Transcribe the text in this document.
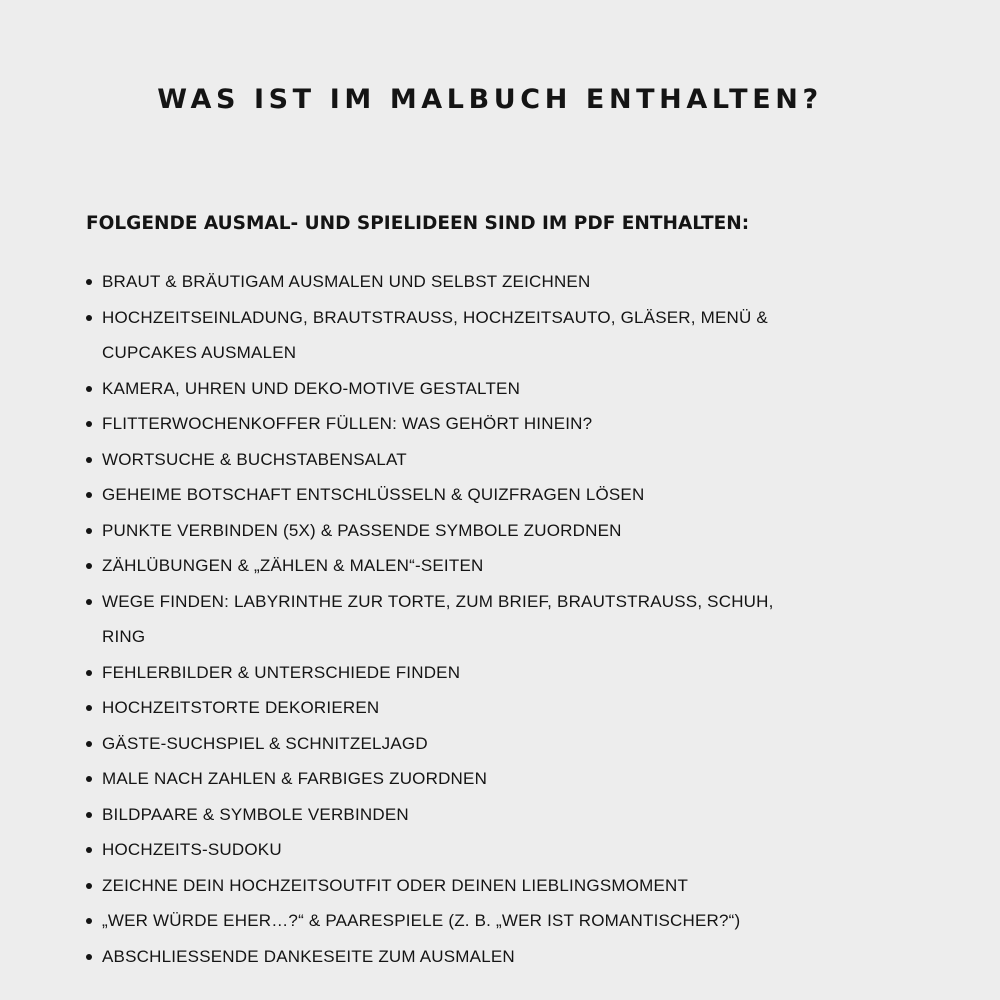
WAS IST IM MALBUCH ENTHALTEN?
FOLGENDE AUSMAL- UND SPIELIDEEN SIND IM PDF ENTHALTEN:
BRAUT & BRÄUTIGAM AUSMALEN UND SELBST ZEICHNEN
HOCHZEITSEINLADUNG, BRAUTSTRAUSS, HOCHZEITSAUTO, GLÄSER, MENÜ & CUPCAKES AUSMALEN
KAMERA, UHREN UND DEKO-MOTIVE GESTALTEN
FLITTERWOCHENKOFFER FÜLLEN: WAS GEHÖRT HINEIN?
WORTSUCHE & BUCHSTABENSALAT
GEHEIME BOTSCHAFT ENTSCHLÜSSELN & QUIZFRAGEN LÖSEN
PUNKTE VERBINDEN (5X) & PASSENDE SYMBOLE ZUORDNEN
ZÄHLÜBUNGEN & „ZÄHLEN & MALEN“-SEITEN
WEGE FINDEN: LABYRINTHE ZUR TORTE, ZUM BRIEF, BRAUTSTRAUSS, SCHUH, RING
FEHLERBILDER & UNTERSCHIEDE FINDEN
HOCHZEITSTORTE DEKORIEREN
GÄSTE-SUCHSPIEL & SCHNITZELJAGD
MALE NACH ZAHLEN & FARBIGES ZUORDNEN
BILDPAARE & SYMBOLE VERBINDEN
HOCHZEITS-SUDOKU
ZEICHNE DEIN HOCHZEITSOUTFIT ODER DEINEN LIEBLINGSMOMENT
„WER WÜRDE EHER…?“ & PAARESPIELE (Z. B. „WER IST ROMANTISCHER?“)
ABSCHLIESSENDE DANKESEITE ZUM AUSMALEN
